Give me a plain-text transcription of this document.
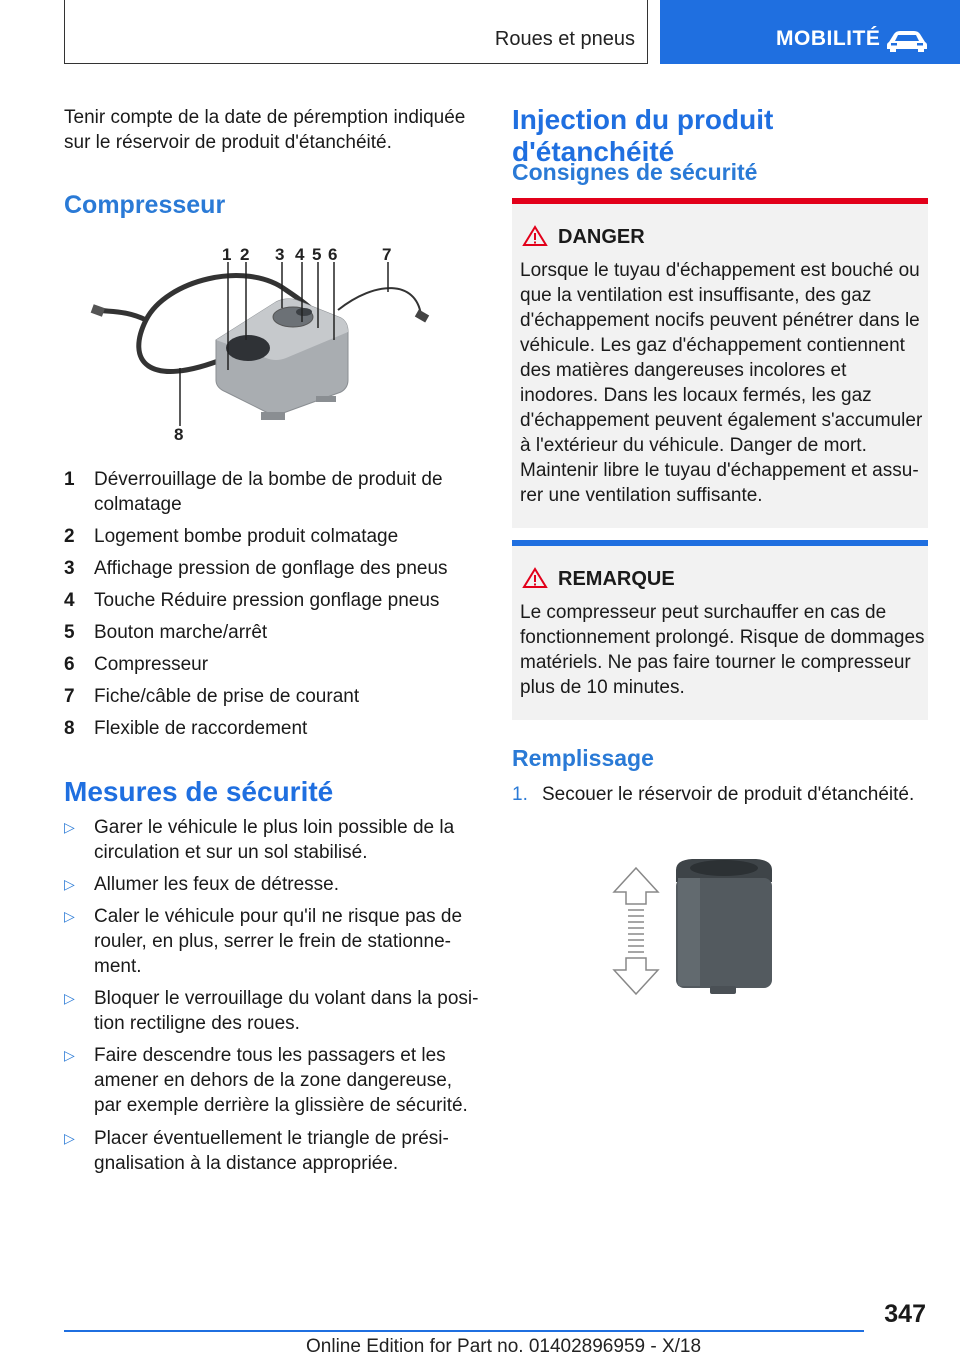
Roues et pneus	MOBILITÉ
Tenir compte de la date de péremption indiquée sur le réservoir de produit d'étanchéité.
Compresseur
1 2 3 4 5 6	7
8
1	Déverrouillage de la bombe de produit de colmatage
2	Logement bombe produit colmatage
3	Affichage pression de gonflage des pneus
4	Touche Réduire pression gonflage pneus
5	Bouton marche/arrêt
6	Compresseur
7	Fiche/câble de prise de courant
8	Flexible de raccordement
Mesures de sécurité
▷ Garer le véhicule le plus loin possible de la circulation et sur un sol stabilisé.
▷ Allumer les feux de détresse.
▷ Caler le véhicule pour qu'il ne risque pas de rouler, en plus, serrer le frein de stationnement.
▷ Bloquer le verrouillage du volant dans la position rectiligne des roues.
▷ Faire descendre tous les passagers et les amener en dehors de la zone dangereuse, par exemple derrière la glissière de sécurité.
▷ Placer éventuellement le triangle de présignalisation à la distance appropriée.
Injection du produit d'étanchéité
Consignes de sécurité
DANGER
Lorsque le tuyau d'échappement est bouché ou que la ventilation est insuffisante, des gaz d'échappement nocifs peuvent pénétrer dans le véhicule. Les gaz d'échappement contiennent des matières dangereuses incolores et inodores. Dans les locaux fermés, les gaz d'échappement peuvent également s'accumuler à l'extérieur du véhicule. Danger de mort. Maintenir libre le tuyau d'échappement et assurer une ventilation suffisante.
REMARQUE
Le compresseur peut surchauffer en cas de fonctionnement prolongé. Risque de dommages matériels. Ne pas faire tourner le compresseur plus de 10 minutes.
Remplissage
1. Secouer le réservoir de produit d'étanchéité.
347
Online Edition for Part no. 01402896959 - X/18
